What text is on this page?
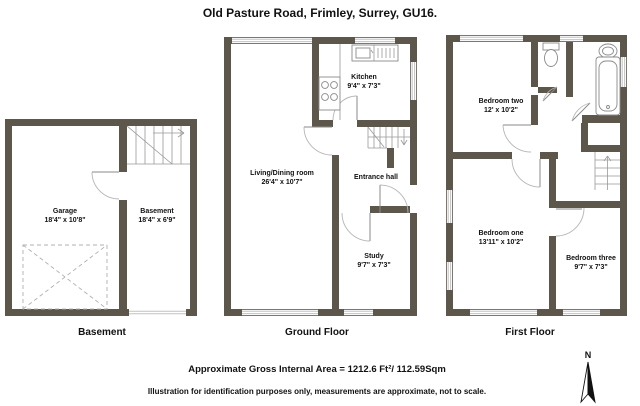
Old Pasture Road, Frimley, Surrey, GU16.
Garage
18'4" x 10'8"
Basement
18'4" x 6'9"
Living/Dining room
26'4" x 10'7"
Kitchen
9'4" x 7'3"
Entrance hall
Study
9'7" x 7'3"
Bedroom two
12' x 10'2"
Bedroom one
13'11" x 10'2"
Bedroom three
9'7" x 7'3"
Basement	Ground Floor	First Floor
Approximate Gross Internal Area = 1212.6 Ft²/ 112.59Sqm
Illustration for identification purposes only, measurements are approximate, not to scale.
N
